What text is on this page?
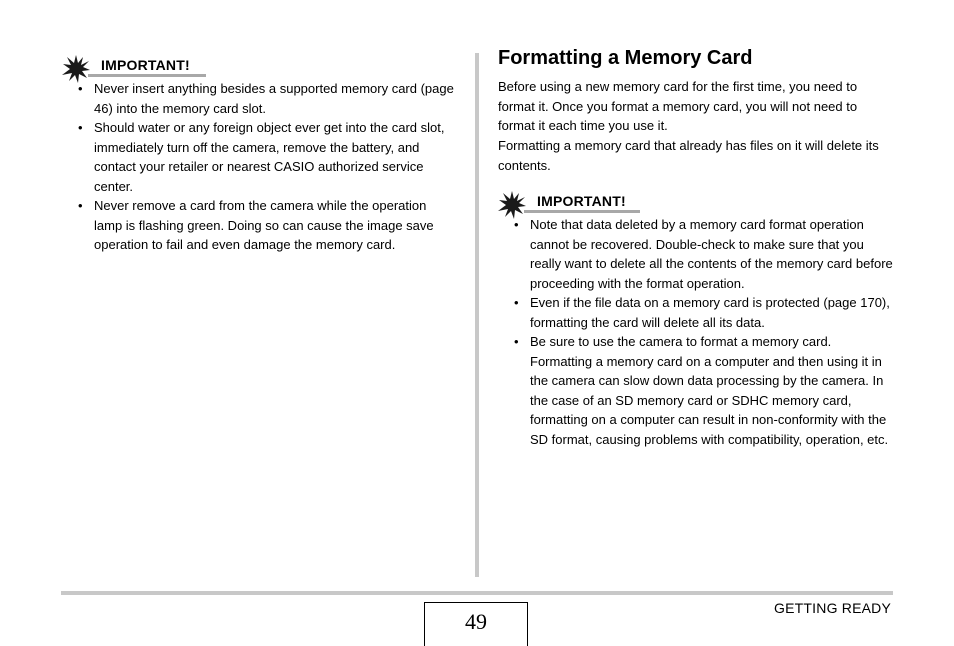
IMPORTANT!
• Never insert anything besides a supported memory card (page 46) into the memory card slot.
• Should water or any foreign object ever get into the card slot, immediately turn off the camera, remove the battery, and contact your retailer or nearest CASIO authorized service center.
• Never remove a card from the camera while the operation lamp is flashing green. Doing so can cause the image save operation to fail and even damage the memory card.
Formatting a Memory Card
Before using a new memory card for the first time, you need to format it. Once you format a memory card, you will not need to format it each time you use it.
Formatting a memory card that already has files on it will delete its contents.
IMPORTANT!
• Note that data deleted by a memory card format operation cannot be recovered. Double-check to make sure that you really want to delete all the contents of the memory card before proceeding with the format operation.
• Even if the file data on a memory card is protected (page 170), formatting the card will delete all its data.
• Be sure to use the camera to format a memory card. Formatting a memory card on a computer and then using it in the camera can slow down data processing by the camera. In the case of an SD memory card or SDHC memory card, formatting on a computer can result in non-conformity with the SD format, causing problems with compatibility, operation, etc.
49
GETTING READY
